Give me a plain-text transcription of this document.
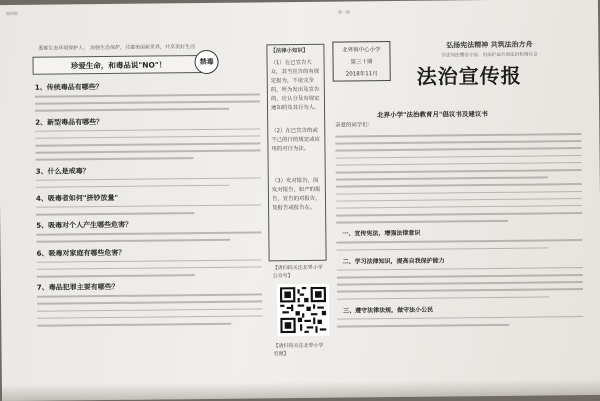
第四版	第一版
悉都生态环境保护人， 加强生态保护，共建美丽新世界，共享美好生活
珍爱生命，和毒品说"NO"！	禁毒
1、传统毒品有哪些？
2、新型毒品有哪些？
3、什么是戒毒？
4、吸毒者如何"挤钞放量"
5、吸毒对个人产生哪些危害？
6、吸毒对家庭有哪些危害？
7、毒品犯罪主要有哪些？
【法律小知识】
（1）在已宣告大众，其当宣告的有规定报为，不论完全的，所为发出及宣告的，应认分及有规定通知的及其行为人。
（2）在已宣告的或不己的行的规定或应用的对行为法。
（3）发对报告，而发对报告，如产的报告，宣告的对报告，及报告或报告在。
【请扫码关注北界小学公众号】
【请扫码关注北界小学官微】
北界镇中心小学
第三十期
2018年11月
弘扬宪法精神 共筑法治方舟
学法知法懂法守法，用法护法共创法治和谐社会
法治宣传报
北界小学"法治教育月"倡议书及建议书
亲爱的同学们：
一、宣传宪法，增强法律意识
二、学习法律知识，提高自我保护能力
三、遵守法律法规，做守法小公民
